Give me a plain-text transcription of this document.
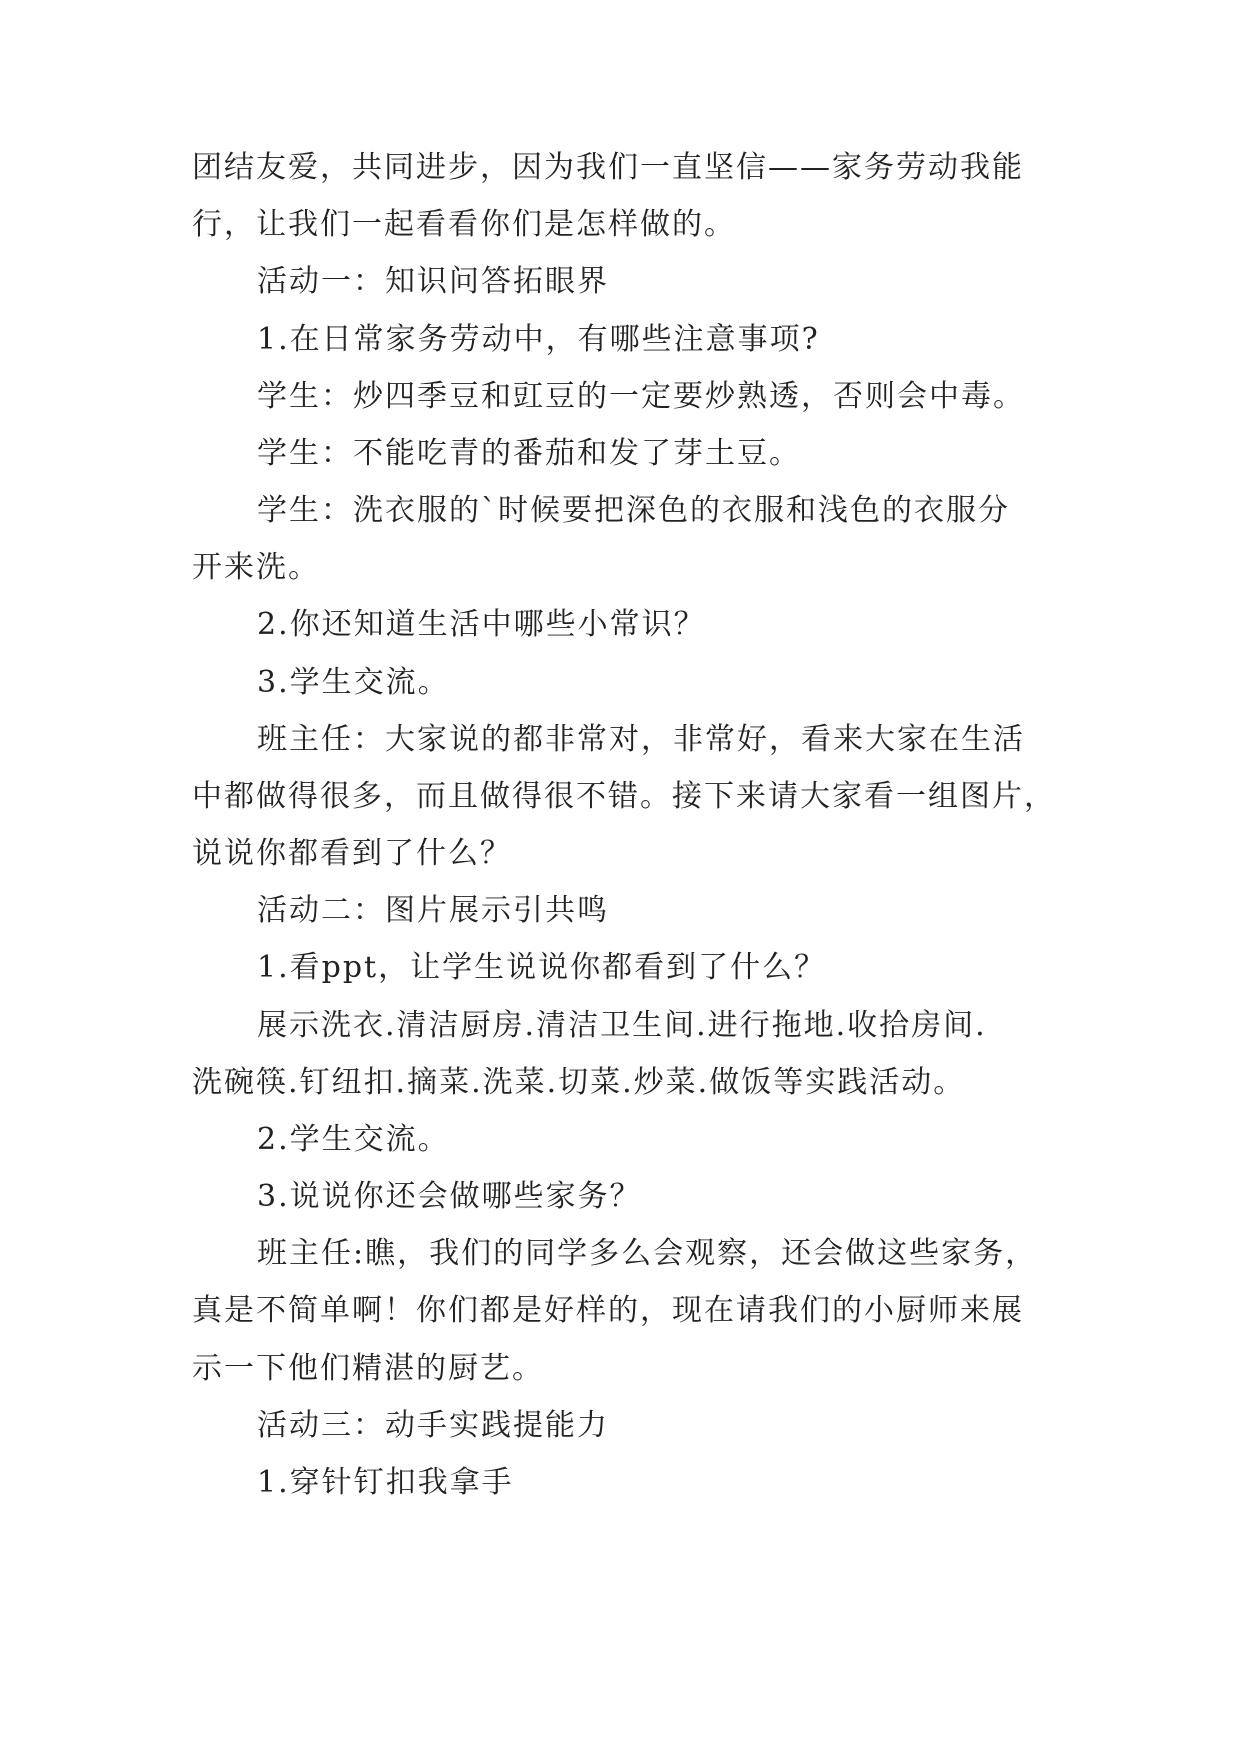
团结友爱，共同进步，因为我们一直坚信——家务劳动我能
行，让我们一起看看你们是怎样做的。
活动一：知识问答拓眼界
1.在日常家务劳动中，有哪些注意事项?
学生：炒四季豆和豇豆的一定要炒熟透，否则会中毒。
学生：不能吃青的番茄和发了芽土豆。
学生：洗衣服的`时候要把深色的衣服和浅色的衣服分
开来洗。
2.你还知道生活中哪些小常识？
3.学生交流。
班主任：大家说的都非常对，非常好，看来大家在生活
中都做得很多，而且做得很不错。接下来请大家看一组图片，
说说你都看到了什么？
活动二：图片展示引共鸣
1.看ppt，让学生说说你都看到了什么？
展示洗衣.清洁厨房.清洁卫生间.进行拖地.收拾房间.
洗碗筷.钉纽扣.摘菜.洗菜.切菜.炒菜.做饭等实践活动。
2.学生交流。
3.说说你还会做哪些家务？
班主任:瞧，我们的同学多么会观察，还会做这些家务，
真是不简单啊！你们都是好样的，现在请我们的小厨师来展
示一下他们精湛的厨艺。
活动三：动手实践提能力
1.穿针钉扣我拿手
